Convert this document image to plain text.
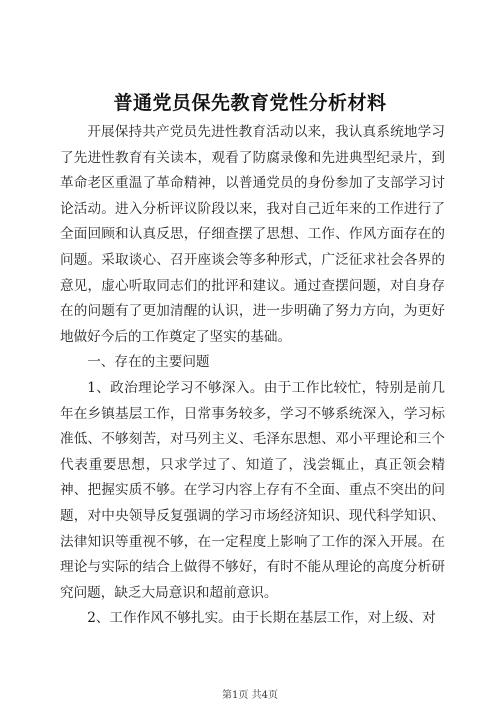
普通党员保先教育党性分析材料

开展保持共产党员先进性教育活动以来，我认真系统地学习了先进性教育有关读本，观看了防腐录像和先进典型纪录片，到革命老区重温了革命精神，以普通党员的身份参加了支部学习讨论活动。进入分析评议阶段以来，我对自己近年来的工作进行了全面回顾和认真反思，仔细查摆了思想、工作、作风方面存在的问题。采取谈心、召开座谈会等多种形式，广泛征求社会各界的意见，虚心听取同志们的批评和建议。通过查摆问题，对自身存在的问题有了更加清醒的认识，进一步明确了努力方向，为更好地做好今后的工作奠定了坚实的基础。

一、存在的主要问题

1、政治理论学习不够深入。由于工作比较忙，特别是前几年在乡镇基层工作，日常事务较多，学习不够系统深入，学习标准低、不够刻苦，对马列主义、毛泽东思想、邓小平理论和三个代表重要思想，只求学过了、知道了，浅尝辄止，真正领会精神、把握实质不够。在学习内容上存有不全面、重点不突出的问题，对中央领导反复强调的学习市场经济知识、现代科学知识、法律知识等重视不够，在一定程度上影响了工作的深入开展。在理论与实际的结合上做得不够好，有时不能从理论的高度分析研究问题，缺乏大局意识和超前意识。

2、工作作风不够扎实。由于长期在基层工作，对上级、对

第1页 共4页
